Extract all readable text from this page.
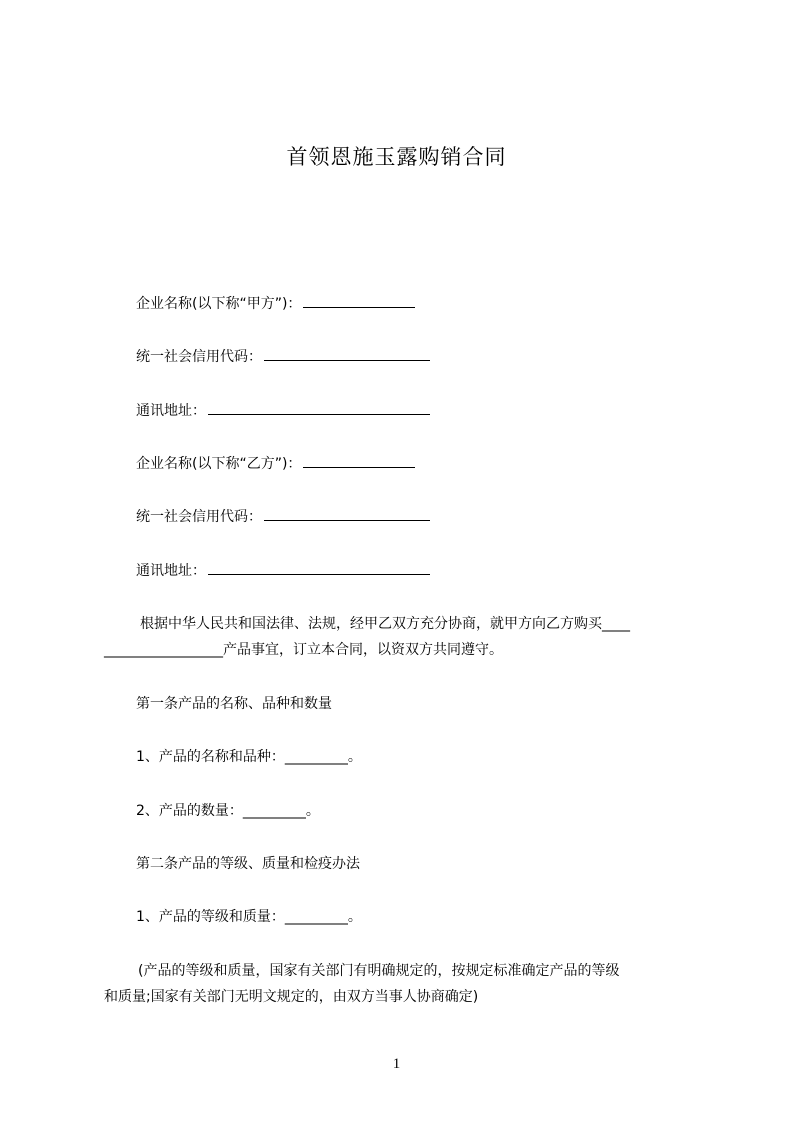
首领恩施玉露购销合同
企业名称(以下称“甲方”)：
统一社会信用代码：
通讯地址：
企业名称(以下称“乙方”)：
统一社会信用代码：
通讯地址：
根据中华人民共和国法律、法规，经甲乙双方充分协商，就甲方向乙方购买____
_________________产品事宜，订立本合同，以资双方共同遵守。
第一条产品的名称、品种和数量
1、产品的名称和品种：_________。
2、产品的数量：_________。
第二条产品的等级、质量和检疫办法
1、产品的等级和质量：_________。
(产品的等级和质量，国家有关部门有明确规定的，按规定标准确定产品的等级
和质量;国家有关部门无明文规定的，由双方当事人协商确定)
1
